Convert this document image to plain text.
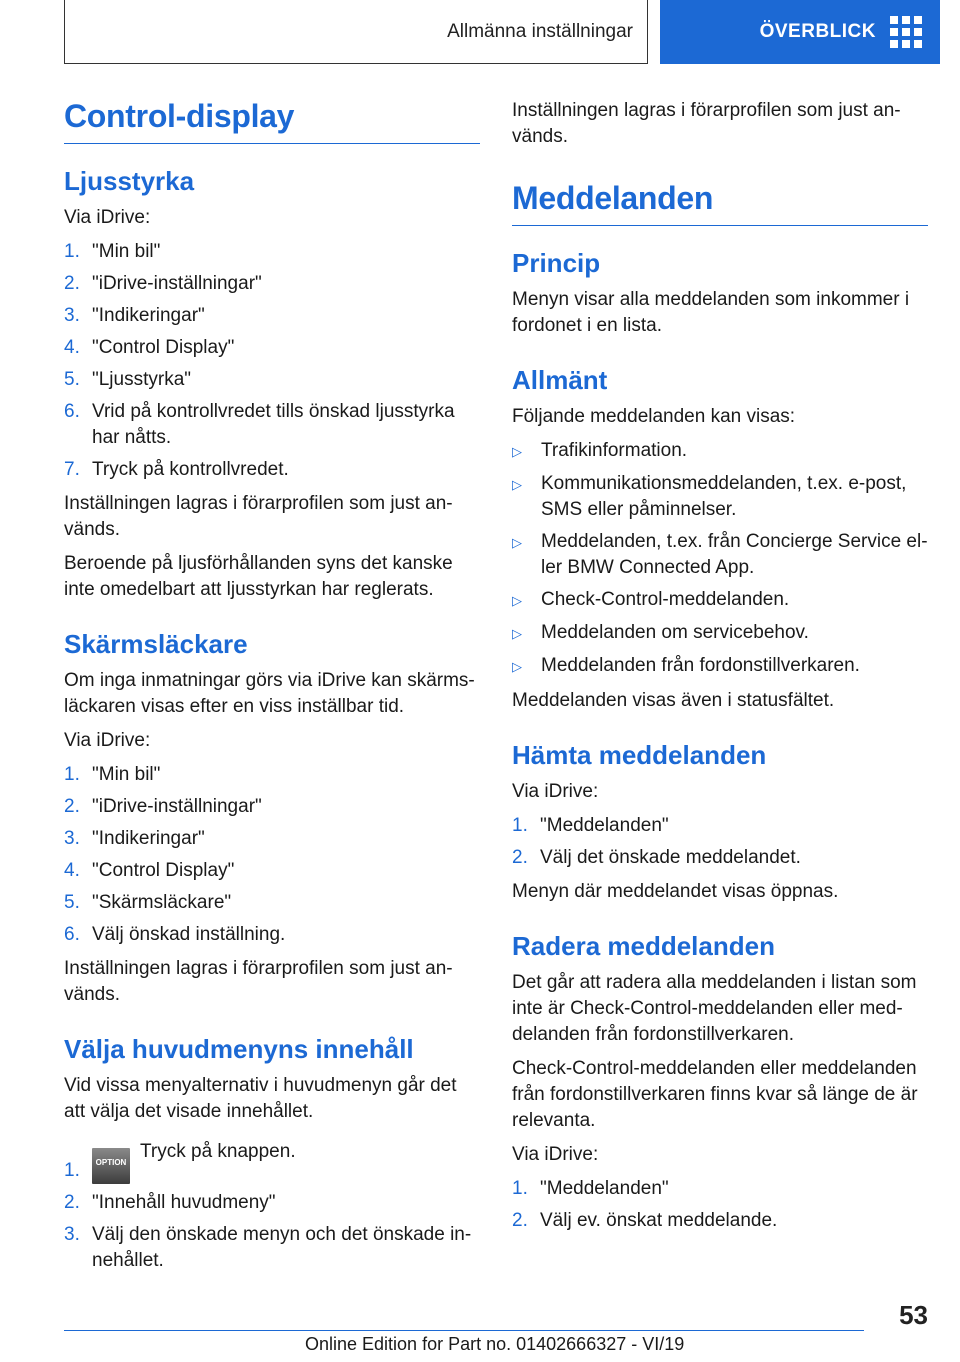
Allmänna inställningar	ÖVERBLICK
Control-display
Ljusstyrka

Via iDrive:

1. "Min bil"
2. "iDrive-inställningar"
3. "Indikeringar"
4. "Control Display"
5. "Ljusstyrka"
6. Vrid på kontrollvredet tills önskad ljusstyrka har nåtts.
7. Tryck på kontrollvredet.

Inställningen lagras i förarprofilen som just an-vänds.

Beroende på ljusförhållanden syns det kanske inte omedelbart att ljusstyrkan har reglerats.

Skärmsläckare

Om inga inmatningar görs via iDrive kan skärms-läckaren visas efter en viss inställbar tid.

Via iDrive:

1. "Min bil"
2. "iDrive-inställningar"
3. "Indikeringar"
4. "Control Display"
5. "Skärmsläckare"
6. Välj önskad inställning.

Inställningen lagras i förarprofilen som just an-vänds.

Välja huvudmenyns innehåll

Vid vissa menyalternativ i huvudmenyn går det att välja det visade innehållet.

1.	OPTIONTryck på knappen.
2. "Innehåll huvudmeny"
3. Välj den önskade menyn och det önskade in-nehållet.

Inställningen lagras i förarprofilen som just an-vänds.

Meddelanden
Princip

Menyn visar alla meddelanden som inkommer i fordonet i en lista.

Allmänt

Följande meddelanden kan visas:

▷	Trafikinformation.
▷	Kommunikationsmeddelanden, t.ex. e-post, SMS eller påminnelser.
▷	Meddelanden, t.ex. från Concierge Service el-ler BMW Connected App.
▷	Check-Control-meddelanden.
▷	Meddelanden om servicebehov.
▷	Meddelanden från fordonstillverkaren.

Meddelanden visas även i statusfältet.

Hämta meddelanden

Via iDrive:

1. "Meddelanden"
2. Välj det önskade meddelandet.

Menyn där meddelandet visas öppnas.

Radera meddelanden

Det går att radera alla meddelanden i listan som inte är Check-Control-meddelanden eller med-delanden från fordonstillverkaren.

Check-Control-meddelanden eller meddelanden från fordonstillverkaren finns kvar så länge de är relevanta.

Via iDrive:

1. "Meddelanden"
2. Välj ev. önskat meddelande.
53
Online Edition for Part no. 01402666327 - VI/19
